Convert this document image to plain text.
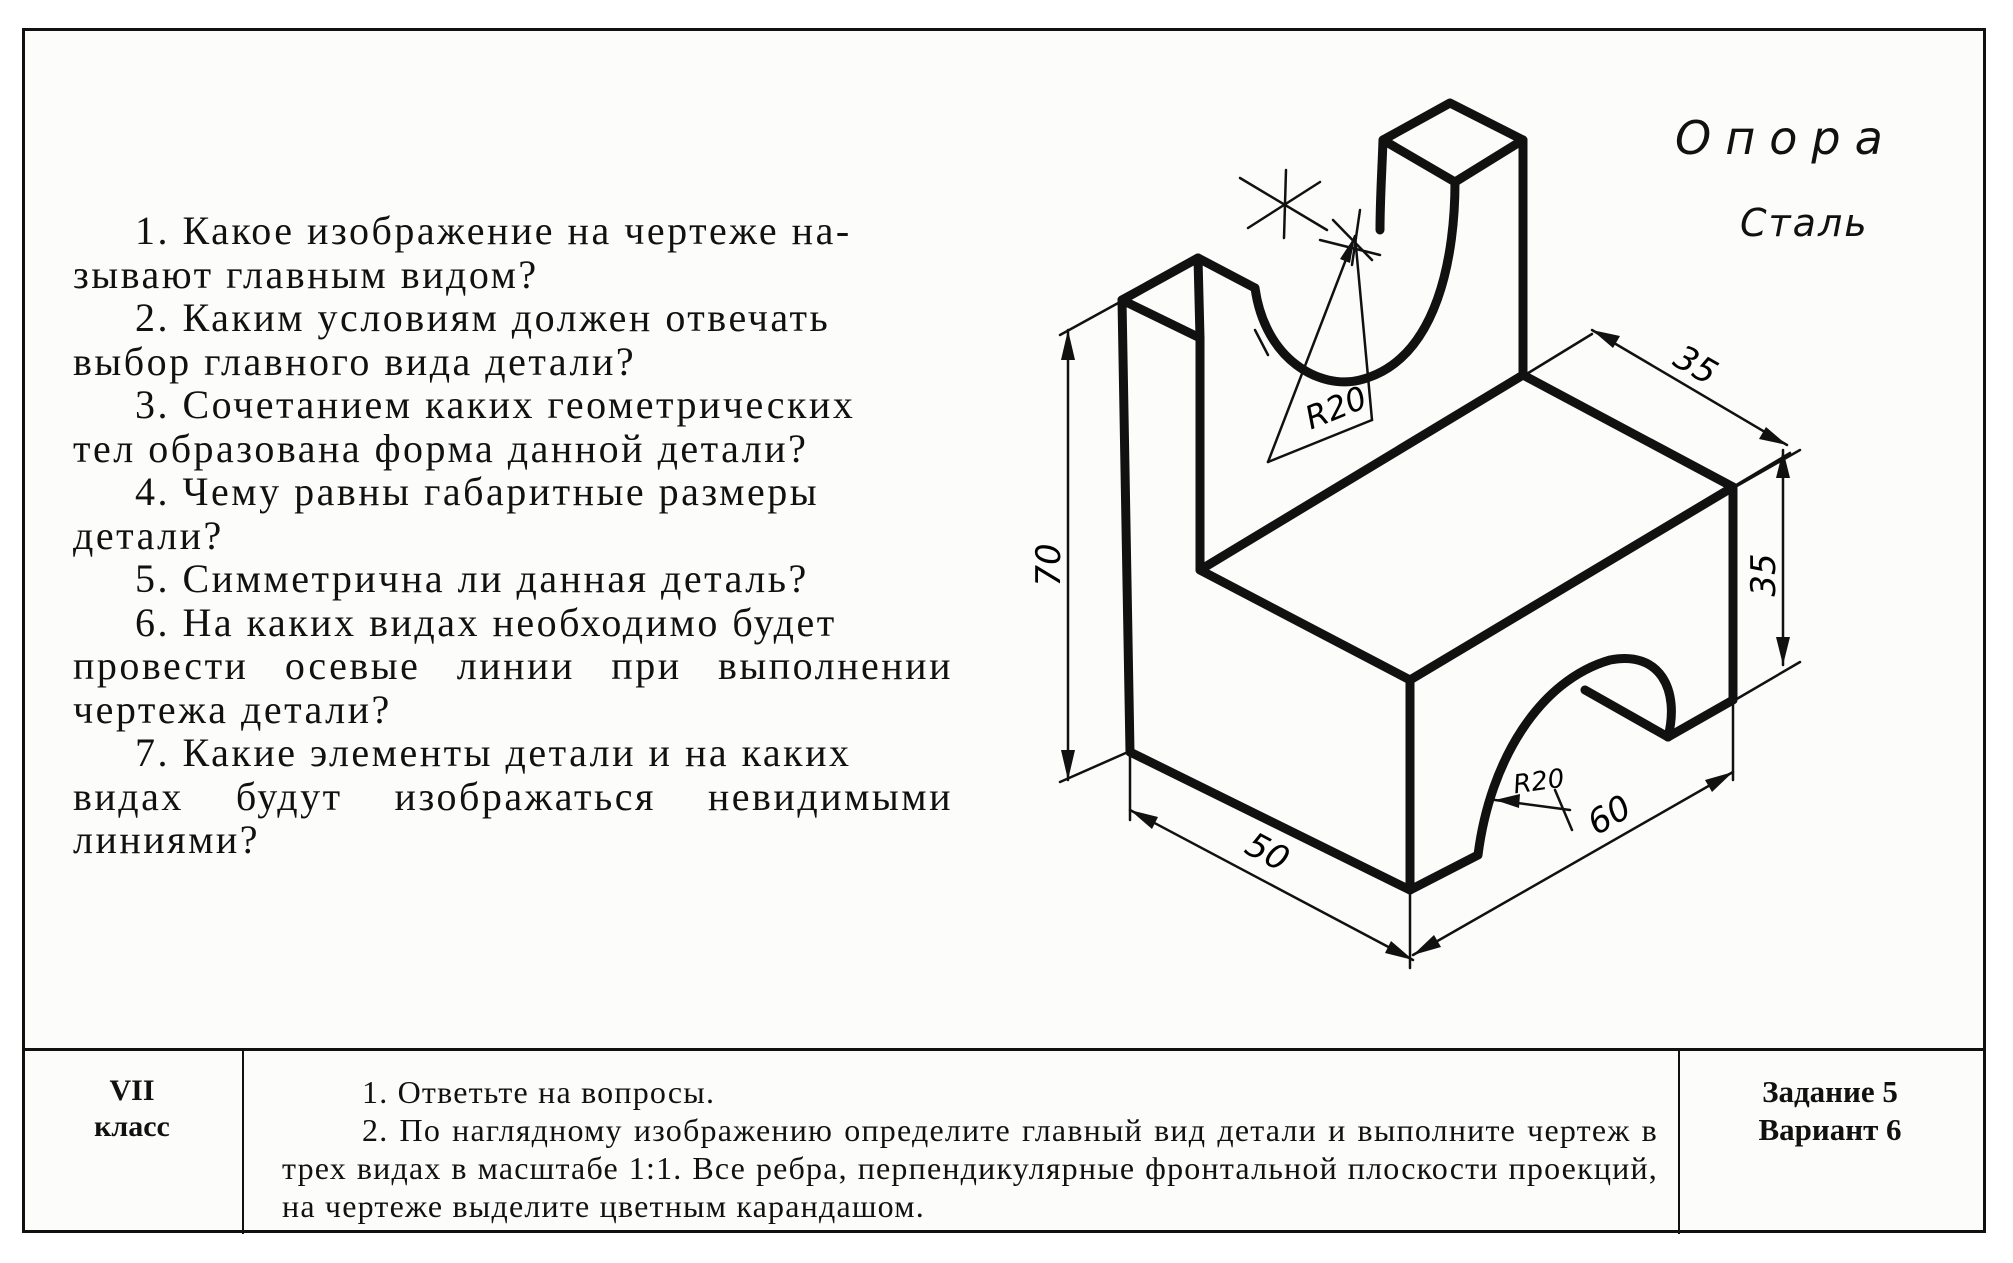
1. Какое изображение на чертеже на-
зывают главным видом?
2. Каким условиям должен отвечать
выбор главного вида детали?
3. Сочетанием каких геометрических
тел образована форма данной детали?
4. Чему равны габаритные размеры
детали?
5. Симметрична ли данная деталь?
6. На каких видах необходимо будет
провести осевые линии при выполнении чертежа детали?
7. Какие элементы детали и на каких
видах будут изображаться невидимыми линиями?
Опора
Сталь
70
35
35
50
60
R20
R20
VII
класс
1. Ответьте на вопросы.
2. По наглядному изображению определите главный вид детали и выполните чертеж в трех видах в масштабе 1:1. Все ребра, перпендикулярные фронтальной плоскости проекций, на чертеже выделите цветным карандашом.
Задание 5
Вариант 6
